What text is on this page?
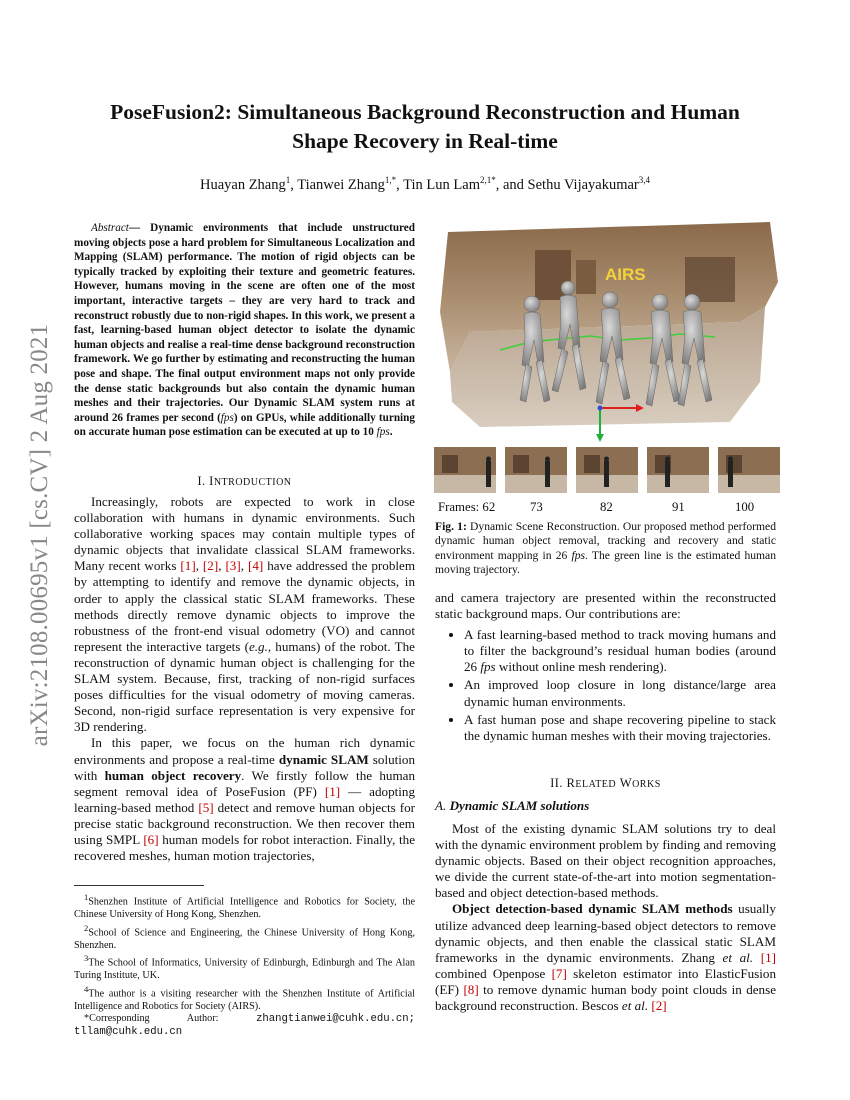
arXiv:2108.00695v1 [cs.CV] 2 Aug 2021
PoseFusion2: Simultaneous Background Reconstruction and Human
Shape Recovery in Real-time
Huayan Zhang$^1$, Tianwei Zhang$^{1,*}$, Tin Lun Lam$^{2,1*}$, and Sethu Vijayakumar$^{3,4}$
Abstract— Dynamic environments that include unstructured moving objects pose a hard problem for Simultaneous Localization and Mapping (SLAM) performance. The motion of rigid objects can be typically tracked by exploiting their texture and geometric features. However, humans moving in the scene are often one of the most important, interactive targets – they are very hard to track and reconstruct robustly due to non-rigid shapes. In this work, we present a fast, learning-based human object detector to isolate the dynamic human objects and realise a real-time dense background reconstruction framework. We go further by estimating and reconstructing the human pose and shape. The final output environment maps not only provide the dense static backgrounds but also contain the dynamic human meshes and their trajectories. Our Dynamic SLAM system runs at around 26 frames per second (fps) on GPUs, while additionally turning on accurate human pose estimation can be executed at up to 10 fps.
I. INTRODUCTION

Increasingly, robots are expected to work in close collaboration with humans in dynamic environments. Such collaborative working spaces may contain multiple types of dynamic objects that invalidate classical SLAM frameworks. Many recent works [1], [2], [3], [4] have addressed the problem by attempting to identify and remove the dynamic objects, in order to apply the classical static SLAM frameworks. These methods directly remove dynamic objects to improve the robustness of the front-end visual odometry (VO) and cannot represent the interactive targets (e.g., humans) of the robot. The reconstruction of dynamic human object is challenging for the SLAM system. Because, first, tracking of non-rigid surfaces poses difficulties for the visual odometry of moving cameras. Second, non-rigid surface representation is very expensive for 3D rendering.

In this paper, we focus on the human rich dynamic environments and propose a real-time dynamic SLAM solution with human object recovery. We firstly follow the human segment removal idea of PoseFusion (PF) [1] — adopting learning-based method [5] detect and remove human objects for precise static background reconstruction. We then recover them using SMPL [6] human models for robot interaction. Finally, the recovered meshes, human motion trajectories,

$^1$Shenzhen Institute of Artificial Intelligence and Robotics for Society, the Chinese University of Hong Kong, Shenzhen.

$^2$School of Science and Engineering, the Chinese University of Hong Kong, Shenzhen.

$^3$The School of Informatics, University of Edinburgh, Edinburgh and The Alan Turing Institute, UK.

$^4$The author is a visiting researcher with the Shenzhen Institute of Artificial Intelligence and Robotics for Society (AIRS).

*Corresponding Author:	zhangtianwei@cuhk.edu.cn;

tllam@cuhk.edu.cn

AIRS
Frames: 62	73	82	91	100
Fig. 1: Dynamic Scene Reconstruction. Our proposed method performed dynamic human object removal, tracking and recovery and static environment mapping in 26 fps. The green line is the estimated human moving trajectory.

and camera trajectory are presented within the reconstructed static background maps. Our contributions are:

• A fast learning-based method to track moving humans and to filter the background’s residual human bodies (around 26 fps without online mesh rendering).
• An improved loop closure in long distance/large area dynamic human environments.
• A fast human pose and shape recovering pipeline to stack the dynamic human meshes with their moving trajectories.
II. RELATED WORKS
A. Dynamic SLAM solutions

Most of the existing dynamic SLAM solutions try to deal with the dynamic environment problem by finding and removing dynamic objects. Based on their object recognition approaches, we divide the current state-of-the-art into motion segmentation-based and object detection-based methods.

Object detection-based dynamic SLAM methods usually utilize advanced deep learning-based object detectors to remove dynamic objects, and then enable the classical static SLAM frameworks in the dynamic environments. Zhang et al. [1] combined Openpose [7] skeleton estimator into ElasticFusion (EF) [8] to remove dynamic human body point clouds in dense background reconstruction. Bescos et al. [2]
